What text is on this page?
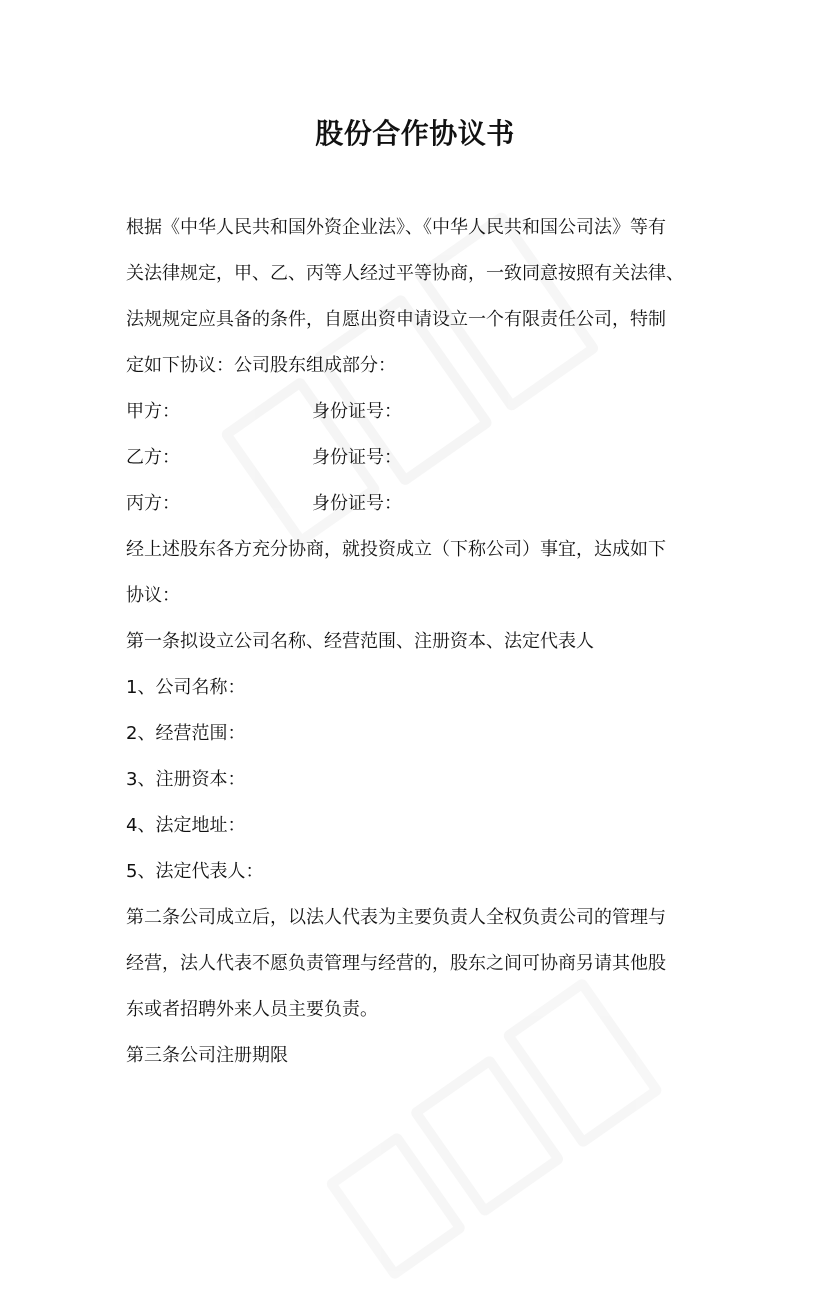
股份合作协议书
根据《中华人民共和国外资企业法》、《中华人民共和国公司法》等有
关法律规定，甲、乙、丙等人经过平等协商，一致同意按照有关法律、
法规规定应具备的条件，自愿出资申请设立一个有限责任公司，特制
定如下协议：公司股东组成部分：
甲方：	身份证号：
乙方：	身份证号：
丙方：	身份证号：
经上述股东各方充分协商，就投资成立（下称公司）事宜，达成如下
协议：
第一条拟设立公司名称、经营范围、注册资本、法定代表人
1、公司名称：
2、经营范围：
3、注册资本：
4、法定地址：
5、法定代表人：
第二条公司成立后，以法人代表为主要负责人全权负责公司的管理与
经营，法人代表不愿负责管理与经营的，股东之间可协商另请其他股
东或者招聘外来人员主要负责。
第三条公司注册期限
